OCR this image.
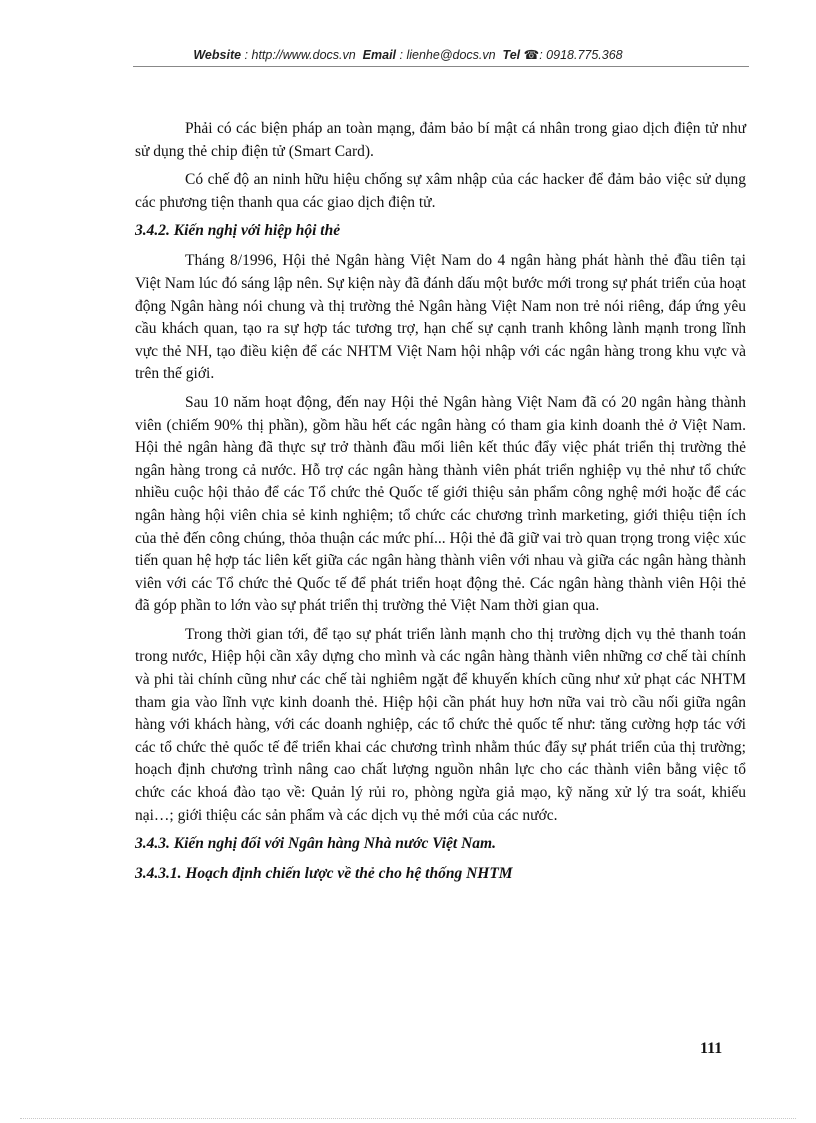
Website : http://www.docs.vn Email : lienhe@docs.vn Tel ☎: 0918.775.368

Phải có các biện pháp an toàn mạng, đảm bảo bí mật cá nhân trong giao dịch điện tử như sử dụng thẻ chip điện tử (Smart Card).

Có chế độ an ninh hữu hiệu chống sự xâm nhập của các hacker để đảm bảo việc sử dụng các phương tiện thanh qua các giao dịch điện tử.

3.4.2. Kiến nghị với hiệp hội thẻ

Tháng 8/1996, Hội thẻ Ngân hàng Việt Nam do 4 ngân hàng phát hành thẻ đầu tiên tại Việt Nam lúc đó sáng lập nên. Sự kiện này đã đánh dấu một bước mới trong sự phát triển của hoạt động Ngân hàng nói chung và thị trường thẻ Ngân hàng Việt Nam non trẻ nói riêng, đáp ứng yêu cầu khách quan, tạo ra sự hợp tác tương trợ, hạn chế sự cạnh tranh không lành mạnh trong lĩnh vực thẻ NH, tạo điều kiện để các NHTM Việt Nam hội nhập với các ngân hàng trong khu vực và trên thế giới.

Sau 10 năm hoạt động, đến nay Hội thẻ Ngân hàng Việt Nam đã có 20 ngân hàng thành viên (chiếm 90% thị phần), gồm hầu hết các ngân hàng có tham gia kinh doanh thẻ ở Việt Nam. Hội thẻ ngân hàng đã thực sự trở thành đầu mối liên kết thúc đẩy việc phát triển thị trường thẻ ngân hàng trong cả nước. Hỗ trợ các ngân hàng thành viên phát triển nghiệp vụ thẻ như tổ chức nhiều cuộc hội thảo để các Tổ chức thẻ Quốc tế giới thiệu sản phẩm công nghệ mới hoặc để các ngân hàng hội viên chia sẻ kinh nghiệm; tổ chức các chương trình marketing, giới thiệu tiện ích của thẻ đến công chúng, thỏa thuận các mức phí... Hội thẻ đã giữ vai trò quan trọng trong việc xúc tiến quan hệ hợp tác liên kết giữa các ngân hàng thành viên với nhau và giữa các ngân hàng thành viên với các Tổ chức thẻ Quốc tế để phát triển hoạt động thẻ. Các ngân hàng thành viên Hội thẻ đã góp phần to lớn vào sự phát triển thị trường thẻ Việt Nam thời gian qua.

Trong thời gian tới, để tạo sự phát triển lành mạnh cho thị trường dịch vụ thẻ thanh toán trong nước, Hiệp hội cần xây dựng cho mình và các ngân hàng thành viên những cơ chế tài chính và phi tài chính cũng như các chế tài nghiêm ngặt để khuyến khích cũng như xử phạt các NHTM tham gia vào lĩnh vực kinh doanh thẻ. Hiệp hội cần phát huy hơn nữa vai trò cầu nối giữa ngân hàng với khách hàng, với các doanh nghiệp, các tổ chức thẻ quốc tế như: tăng cường hợp tác với các tổ chức thẻ quốc tế để triển khai các chương trình nhằm thúc đẩy sự phát triển của thị trường; hoạch định chương trình nâng cao chất lượng nguồn nhân lực cho các thành viên bằng việc tổ chức các khoá đào tạo về: Quản lý rủi ro, phòng ngừa giả mạo, kỹ năng xử lý tra soát, khiếu nại…; giới thiệu các sản phẩm và các dịch vụ thẻ mới của các nước.

3.4.3. Kiến nghị đối với Ngân hàng Nhà nước Việt Nam.
3.4.3.1. Hoạch định chiến lược về thẻ cho hệ thống NHTM
111
